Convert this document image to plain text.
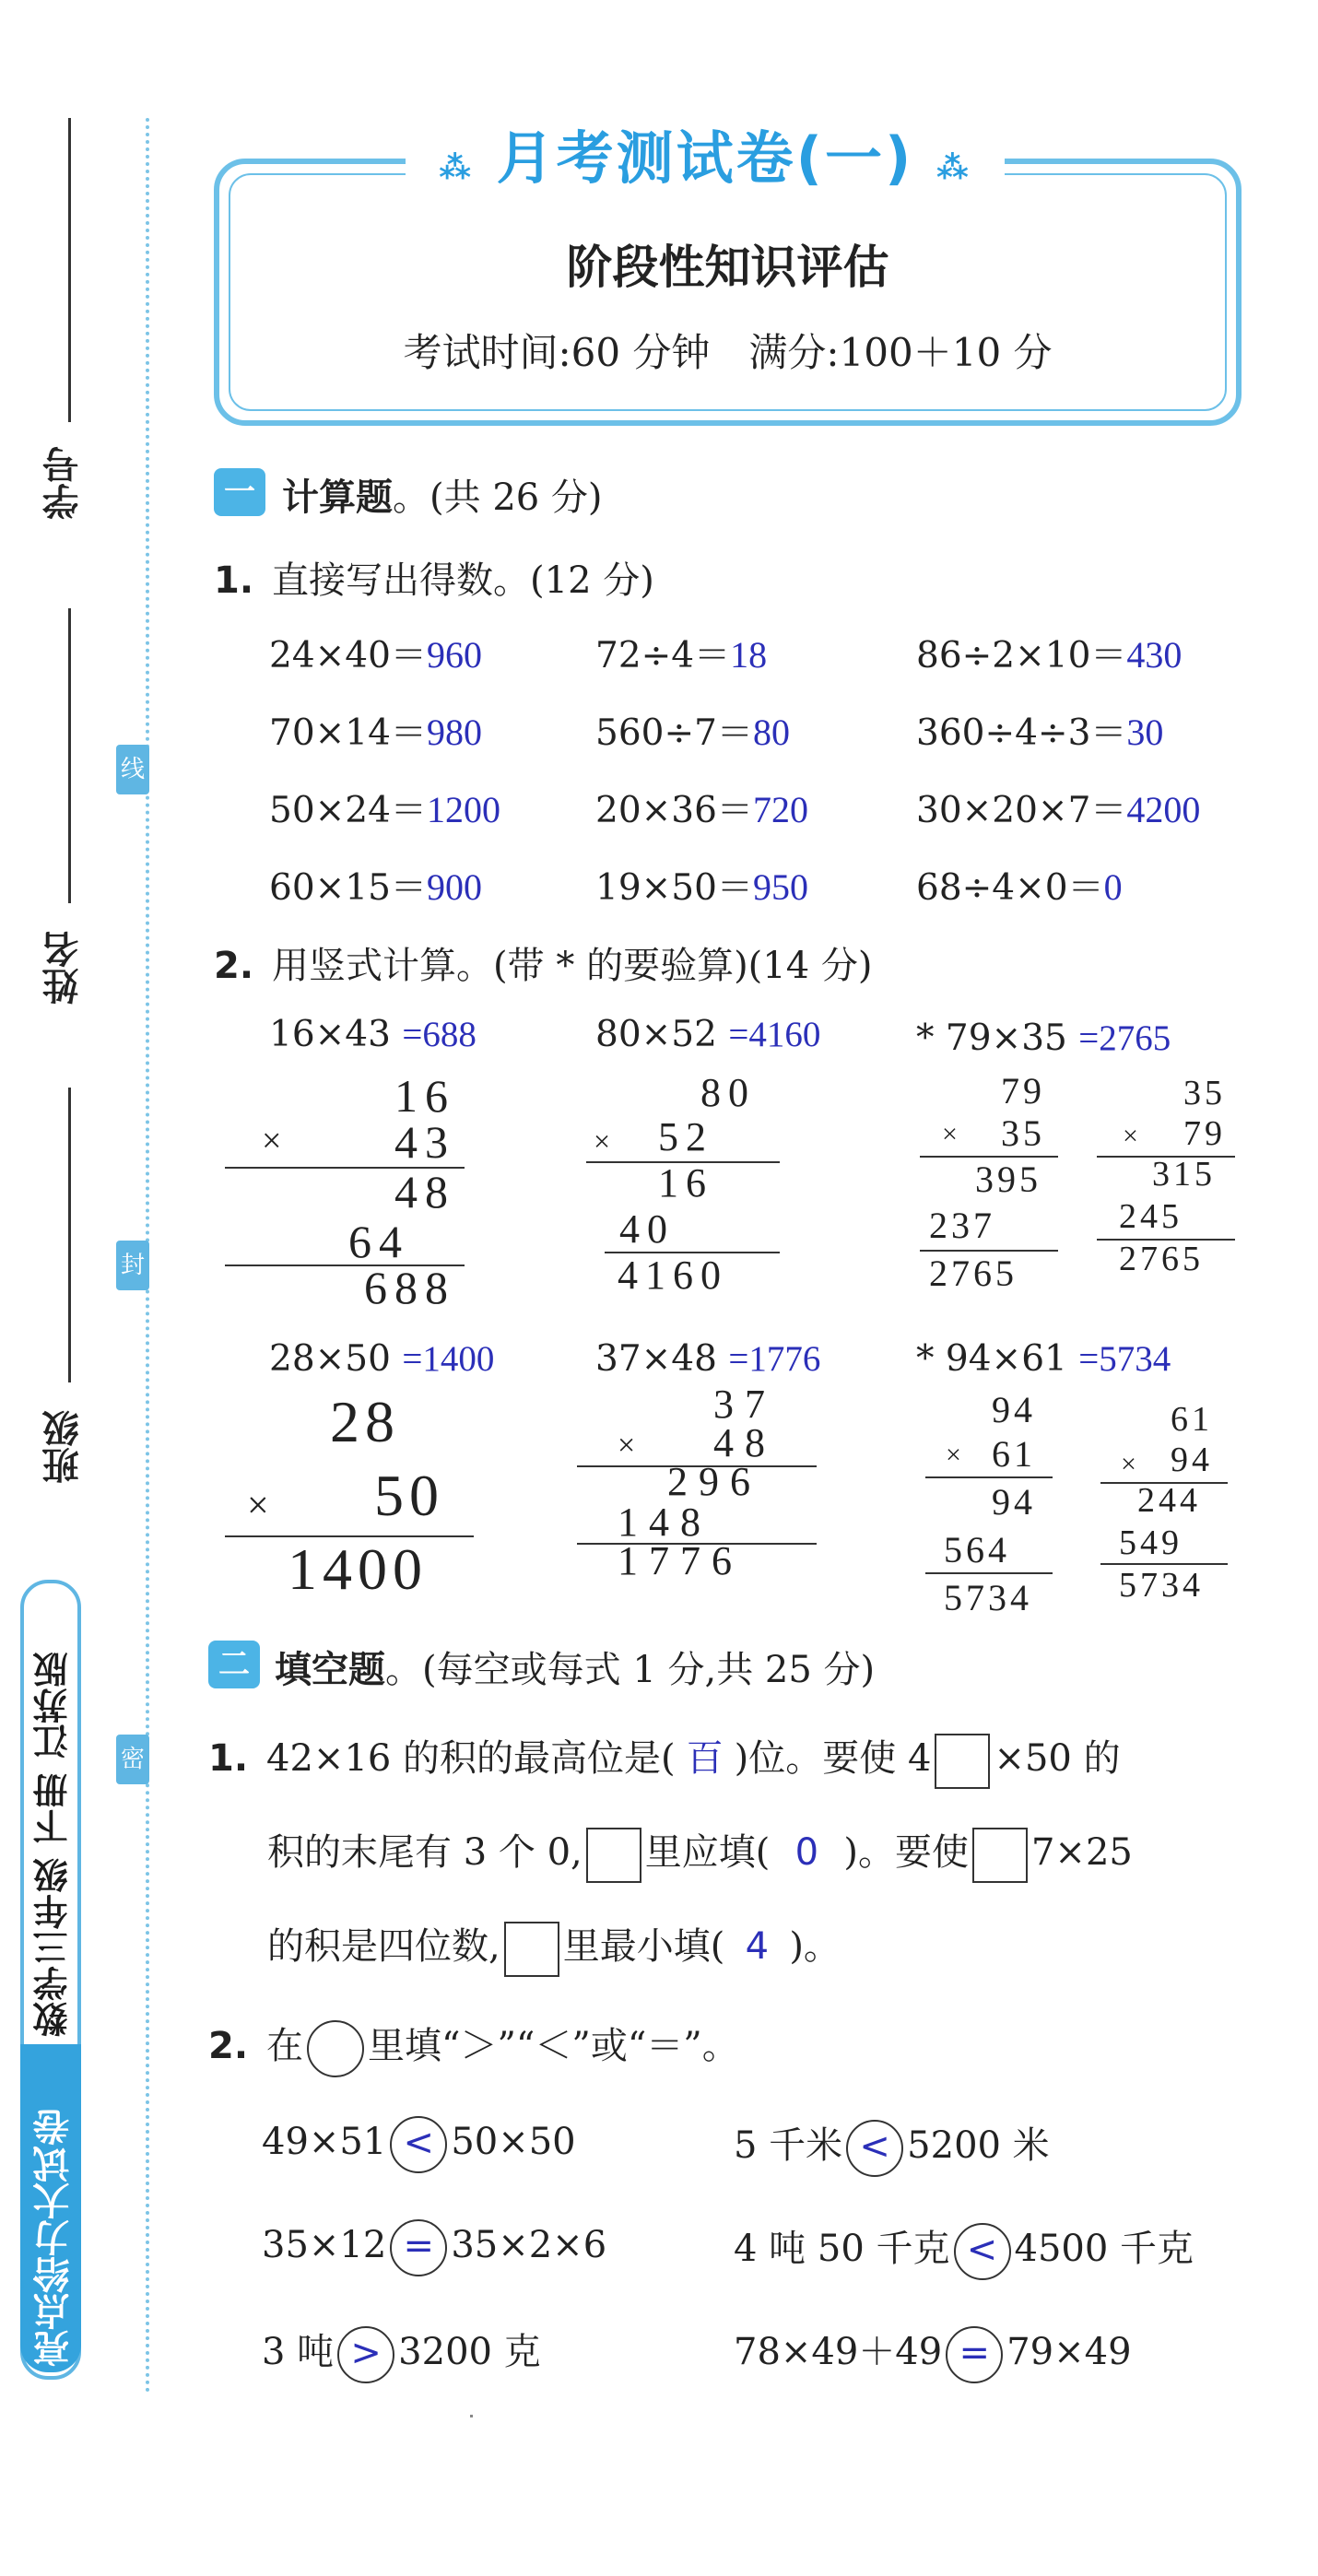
学号
姓名
班级
线
封
密
数学三年级 下册 江苏版
亮点给力大试卷
⁂ 月考测试卷(一) ⁂
阶段性知识评估
考试时间:60 分钟　满分:100＋10 分
一 计算题。(共 26 分)
1. 直接写出得数。(12 分)
24×40＝960	72÷4＝18	86÷2×10＝430
70×14＝980	560÷7＝80	360÷4÷3＝30
50×24＝1200	20×36＝720	30×20×7＝4200
60×15＝900	19×50＝950	68÷4×0＝0
2. 用竖式计算。(带 * 的要验算)(14 分)
16×43 =688	80×52 =4160	* 79×35 =2765
16
× 43
48
64
688
80
× 52
16
40
4160
79
× 35
395
237
2765
35
× 79
315
245
2765
28×50 =1400	37×48 =1776	* 94×61 =5734
28
× 50
1400
37
× 48
296
148
1776
94
× 61
94
564
5734
61
× 94
244
549
5734
二 填空题。(每空或每式 1 分,共 25 分)
1. 42×16 的积的最高位是( 百 )位。要使 4 ×50 的
积的末尾有 3 个 0, 里应填( 0 )。要使 7×25
的积是四位数, 里最小填( 4 )。
2. 在 里填“＞”“＜”或“＝”。
49×51 < 50×50	5 千米 < 5200 米
35×12 = 35×2×6	4 吨 50 千克 < 4500 千克
3 吨 > 3200 克	78×49＋49 = 79×49
